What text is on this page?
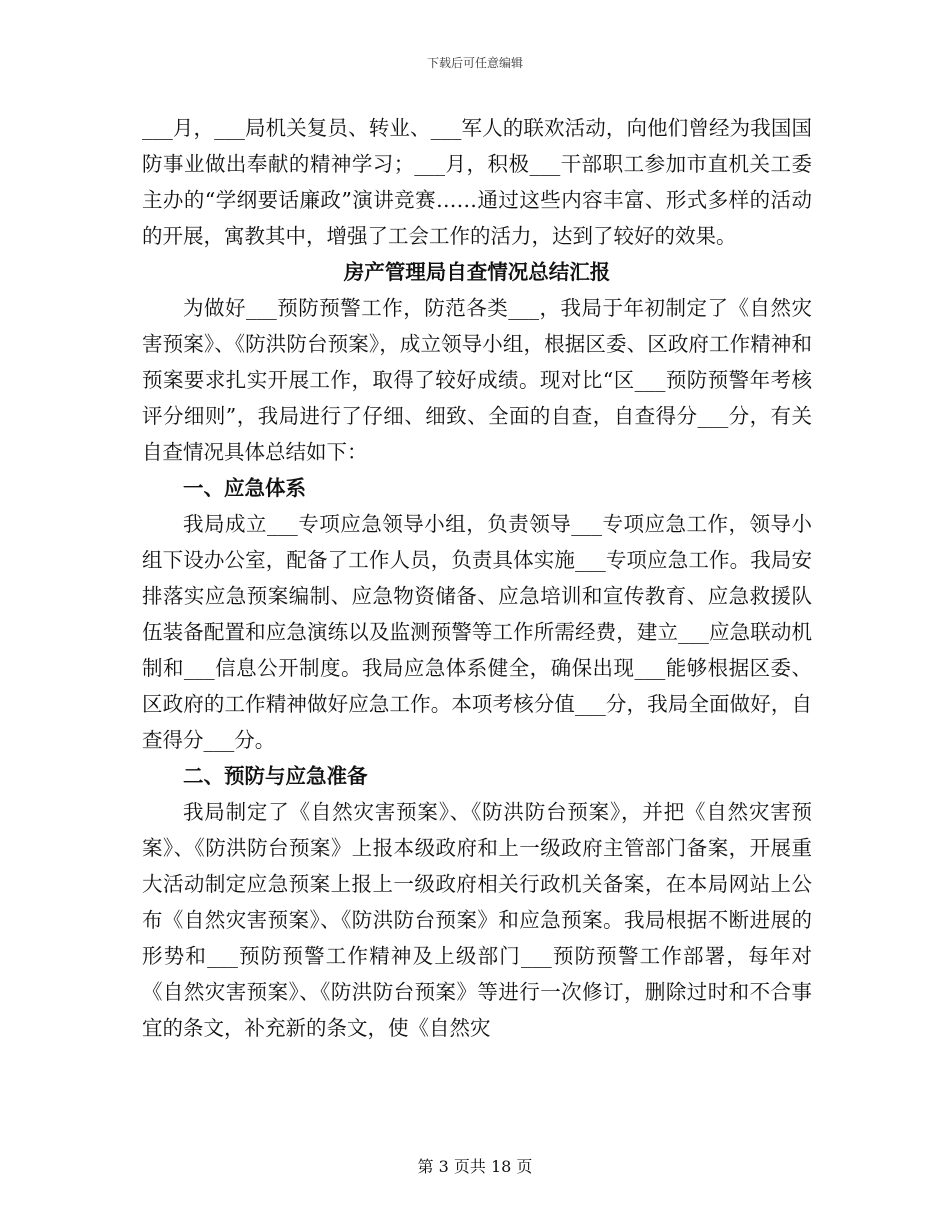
下载后可任意编辑

___月，___局机关复员、转业、___军人的联欢活动，向他们曾经为我国国防事业做出奉献的精神学习；___月，积极___干部职工参加市直机关工委主办的“学纲要话廉政”演讲竞赛……通过这些内容丰富、形式多样的活动的开展，寓教其中，增强了工会工作的活力，达到了较好的效果。

房产管理局自查情况总结汇报

为做好___预防预警工作，防范各类___，我局于年初制定了《自然灾害预案》、《防洪防台预案》，成立领导小组，根据区委、区政府工作精神和预案要求扎实开展工作，取得了较好成绩。现对比“区___预防预警年考核评分细则”，我局进行了仔细、细致、全面的自查，自查得分___分，有关自查情况具体总结如下：

一、应急体系

我局成立___专项应急领导小组，负责领导___专项应急工作，领导小组下设办公室，配备了工作人员，负责具体实施___专项应急工作。我局安排落实应急预案编制、应急物资储备、应急培训和宣传教育、应急救援队伍装备配置和应急演练以及监测预警等工作所需经费，建立___应急联动机制和___信息公开制度。我局应急体系健全，确保出现___能够根据区委、区政府的工作精神做好应急工作。本项考核分值___分，我局全面做好，自查得分___分。

二、预防与应急准备

我局制定了《自然灾害预案》、《防洪防台预案》，并把《自然灾害预案》、《防洪防台预案》上报本级政府和上一级政府主管部门备案，开展重大活动制定应急预案上报上一级政府相关行政机关备案，在本局网站上公布《自然灾害预案》、《防洪防台预案》和应急预案。我局根据不断进展的形势和___预防预警工作精神及上级部门___预防预警工作部署，每年对《自然灾害预案》、《防洪防台预案》等进行一次修订，删除过时和不合事宜的条文，补充新的条文，使《自然灾

第 3 页共 18 页
